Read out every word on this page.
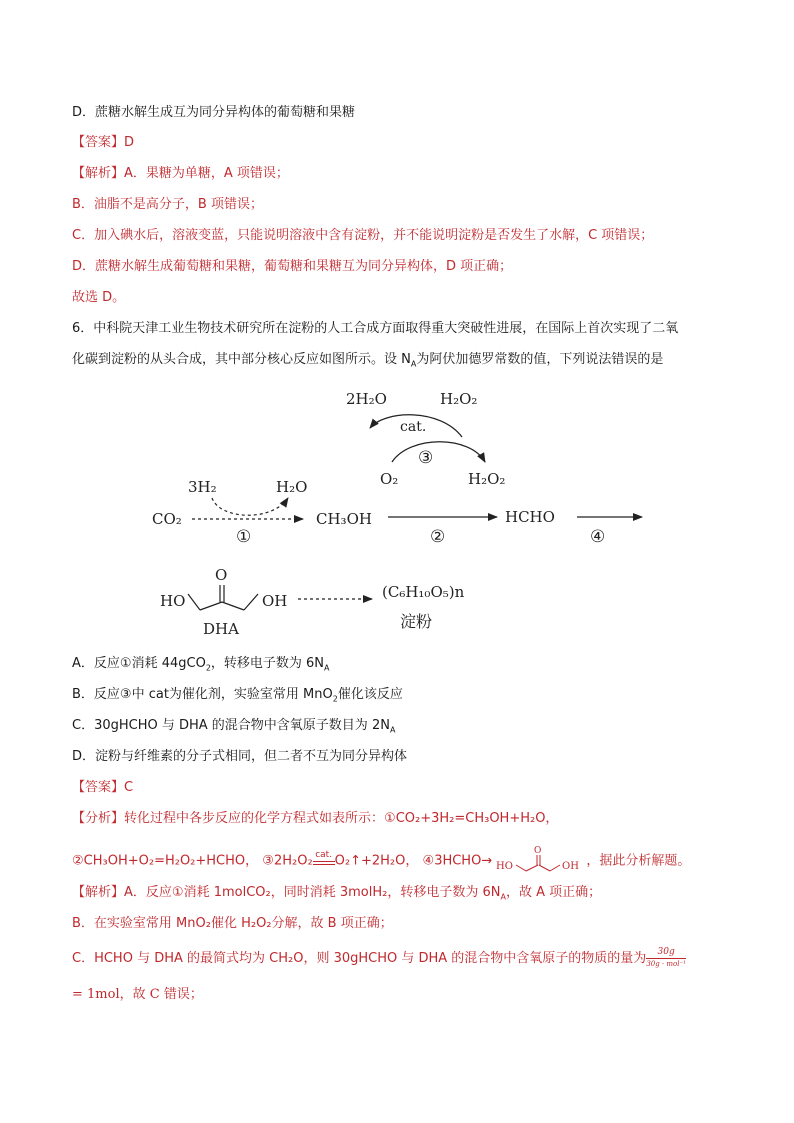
D．蔗糖水解生成互为同分异构体的葡萄糖和果糖
【答案】D
【解析】A．果糖为单糖，A 项错误；
B．油脂不是高分子，B 项错误；
C．加入碘水后，溶液变蓝，只能说明溶液中含有淀粉，并不能说明淀粉是否发生了水解，C 项错误；
D．蔗糖水解生成葡萄糖和果糖，葡萄糖和果糖互为同分异构体，D 项正确；
故选 D。
6．中科院天津工业生物技术研究所在淀粉的人工合成方面取得重大突破性进展，在国际上首次实现了二氧
化碳到淀粉的从头合成，其中部分核心反应如图所示。设 $N_A$为阿伏加德罗常数的值，下列说法错误的是
2H₂O	H₂O₂
cat.
③
O₂	H₂O₂
3H₂	H₂O
CO₂
①
CH₃OH
②
HCHO
④
O
HO	OH
DHA
(C₆H₁₀O₅)n
淀粉
A．反应①消耗 44gCO$_2$，转移电子数为 $6N_A$
B．反应③中 cat为催化剂，实验室常用 MnO$_2$催化该反应
C．30gHCHO 与 DHA 的混合物中含氧原子数目为 $2N_A$
D．淀粉与纤维素的分子式相同，但二者不互为同分异构体
【答案】C
【分析】转化过程中各步反应的化学方程式如表所示：①CO₂+3H₂=CH₃OH+H₂O，
②CH₃OH+O₂=H₂O₂+HCHO， ③2H₂O₂ cat. O₂↑+2H₂O， ④3HCHO→ HO
O
OH ，据此分析解题。
【解析】A．反应①消耗 1molCO₂，同时消耗 3molH₂，转移电子数为 $6N_A$，故 A 项正确；
B．在实验室常用 MnO₂催化 H₂O₂分解，故 B 项正确；
C．HCHO 与 DHA 的最简式均为 CH₂O，则 30gHCHO 与 DHA 的混合物中含氧原子的物质的量为 $\frac{30g}{\text{30g · mol⁻¹}}$
= 1mol，故 C 错误；
